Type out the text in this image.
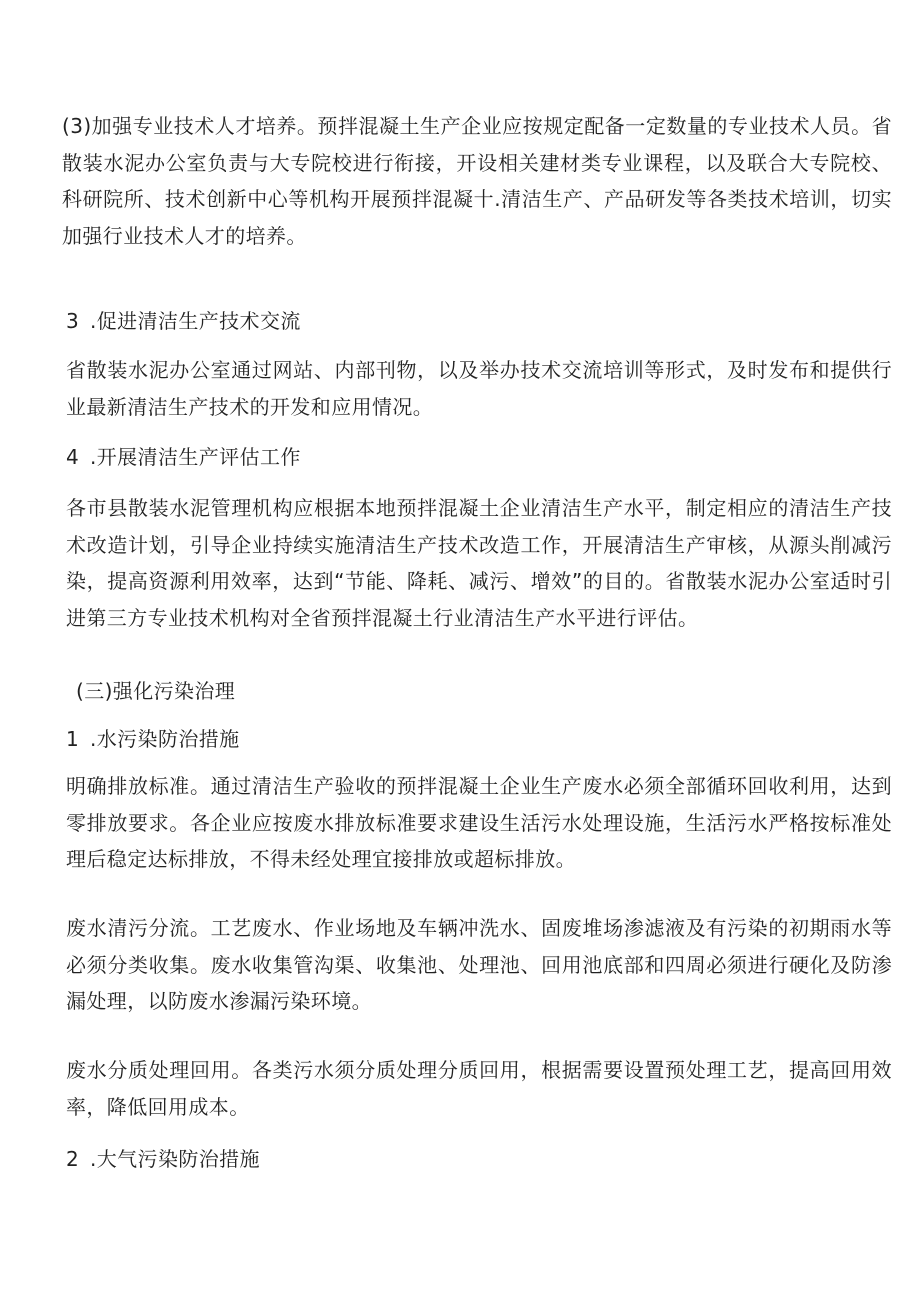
(3)加强专业技术人才培养。预拌混凝土生产企业应按规定配备一定数量的专业技术人员。省散装水泥办公室负责与大专院校进行衔接，开设相关建材类专业课程，以及联合大专院校、科研院所、技术创新中心等机构开展预拌混凝十.清洁生产、产品研发等各类技术培训，切实加强行业技术人才的培养。

3 .促进清洁生产技术交流

省散装水泥办公室通过网站、内部刊物，以及举办技术交流培训等形式，及时发布和提供行业最新清洁生产技术的开发和应用情况。

4 .开展清洁生产评估工作

各市县散装水泥管理机构应根据本地预拌混凝土企业清洁生产水平，制定相应的清洁生产技术改造计划，引导企业持续实施清洁生产技术改造工作，开展清洁生产审核，从源头削减污染，提高资源利用效率，达到“节能、降耗、减污、增效”的目的。省散装水泥办公室适时引进第三方专业技术机构对全省预拌混凝土行业清洁生产水平进行评估。

(三)强化污染治理
1 .水污染防治措施

明确排放标准。通过清洁生产验收的预拌混凝土企业生产废水必须全部循环回收利用，达到零排放要求。各企业应按废水排放标准要求建设生活污水处理设施，生活污水严格按标准处理后稳定达标排放，不得未经处理宜接排放或超标排放。

废水清污分流。工艺废水、作业场地及车辆冲洗水、固废堆场渗滤液及有污染的初期雨水等必须分类收集。废水收集管沟渠、收集池、处理池、回用池底部和四周必须进行硬化及防渗漏处理，以防废水渗漏污染环境。

废水分质处理回用。各类污水须分质处理分质回用，根据需要设置预处理工艺，提高回用效率，降低回用成本。

2 .大气污染防治措施
